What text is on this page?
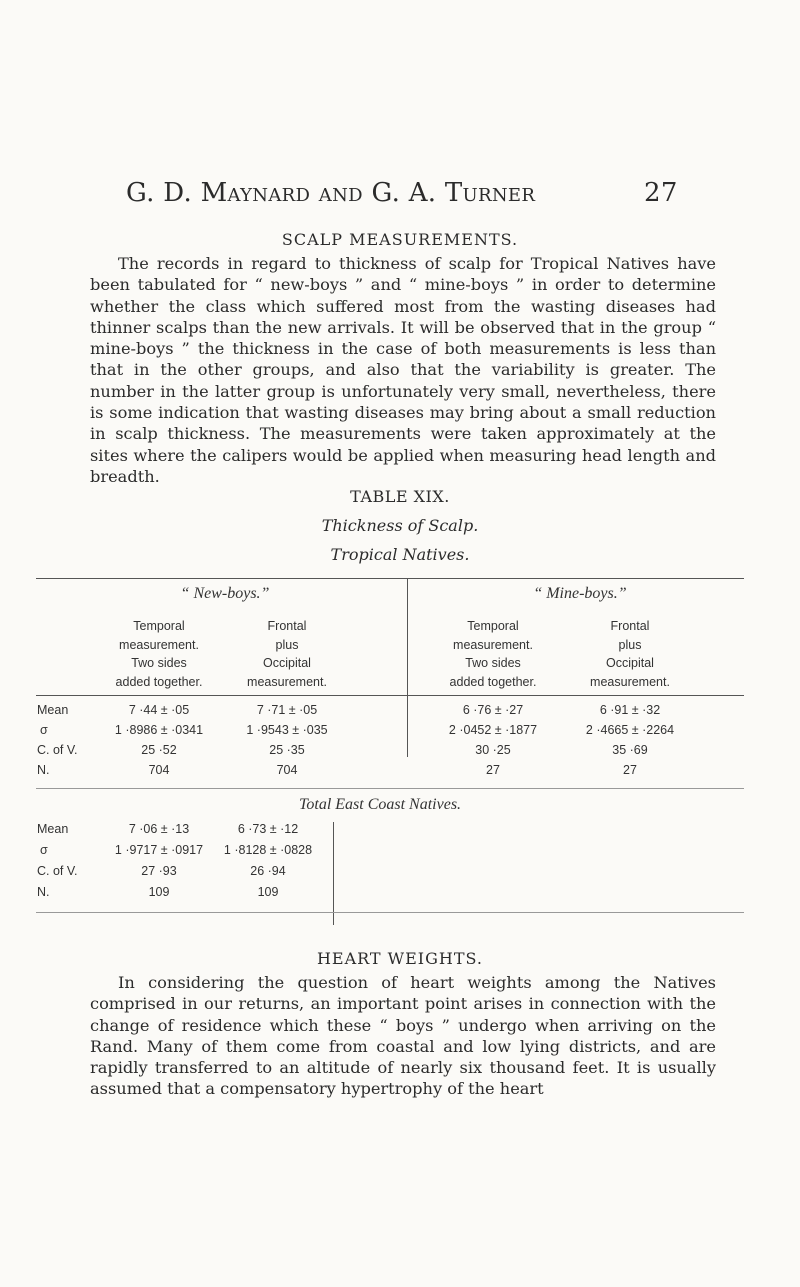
G. D. Maynard and G. A. Turner	27
SCALP MEASUREMENTS.
The records in regard to thickness of scalp for Tropical Natives have been tabulated for “ new-boys ” and “ mine-boys ” in order to determine whether the class which suffered most from the wasting diseases had thinner scalps than the new arrivals. It will be observed that in the group “ mine-boys ” the thickness in the case of both measurements is less than that in the other groups, and also that the variability is greater. The number in the latter group is unfortunately very small, nevertheless, there is some indication that wasting diseases may bring about a small reduction in scalp thickness. The measurements were taken approximately at the sites where the calipers would be applied when measuring head length and breadth.
TABLE XIX.
Thickness of Scalp.
Tropical Natives.
“ New-boys.”	“ Mine-boys.”
Temporal
measurement.
Two sides
added together.
Frontal
plus
Occipital
measurement.
Temporal
measurement.
Two sides
added together.
Frontal
plus
Occipital
measurement.
Mean
σ
C. of V.
N.
7 ·44 ± ·05
1 ·8986 ± ·0341
25 ·52
704
7 ·71 ± ·05
1 ·9543 ± ·035
25 ·35
704
6 ·76 ± ·27
2 ·0452 ± ·1877
30 ·25
27
6 ·91 ± ·32
2 ·4665 ± ·2264
35 ·69
27
Total East Coast Natives.
Mean
σ
C. of V.
N.
7 ·06 ± ·13
1 ·9717 ± ·0917
27 ·93
109
6 ·73 ± ·12
1 ·8128 ± ·0828
26 ·94
109
HEART WEIGHTS.
In considering the question of heart weights among the Natives comprised in our returns, an important point arises in connection with the change of residence which these “ boys ” undergo when arriving on the Rand. Many of them come from coastal and low lying districts, and are rapidly transferred to an altitude of nearly six thousand feet. It is usually assumed that a compensatory hypertrophy of the heart
